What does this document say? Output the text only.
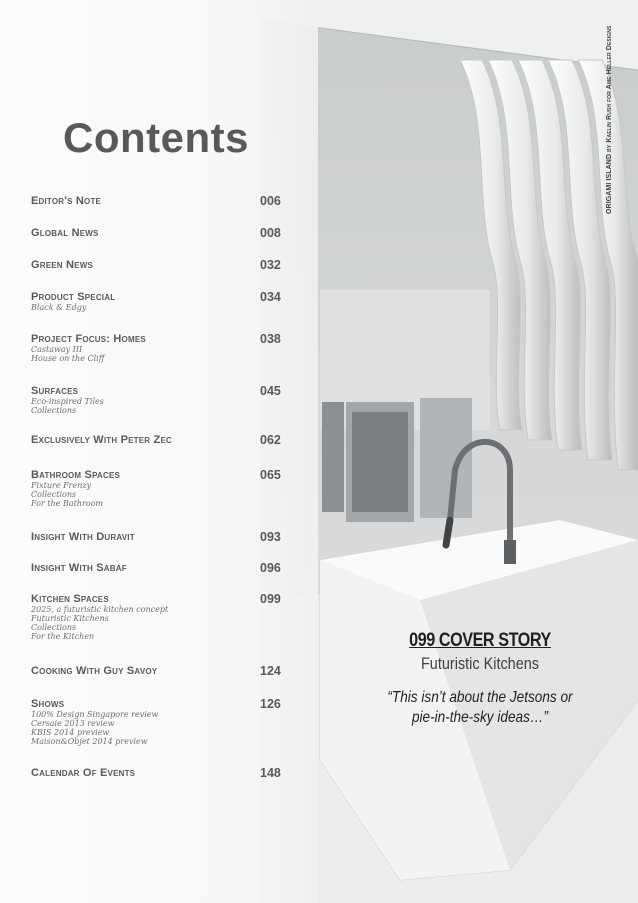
Contents
Editor's Note	006
Global News	008
Green News	032
Product Special	034
Black & Edgy
Project Focus: Homes	038
Castaway III
House on the Cliff
Surfaces	045
Eco-inspired Tiles
Collections
Exclusively With Peter Zec	062
Bathroom Spaces	065
Fixture Frenzy
Collections
For the Bathroom
Insight With Duravit	093
Insight With Sabaf	096
Kitchen Spaces	099
2025, a futuristic kitchen concept
Futuristic Kitchens
Collections
For the Kitchen
Cooking With Guy Savoy	124
Shows	126
100% Design Singapore review
Cersaie 2013 review
KBIS 2014 preview
Maison&Objet 2014 preview
Calendar Of Events	148
ORIGAMI ISLAND by Kaelin Rush for Ame Heller Designs
099 COVER STORY
Futuristic Kitchens
“This isn’t about the Jetsons or pie-in-the-sky ideas…”
